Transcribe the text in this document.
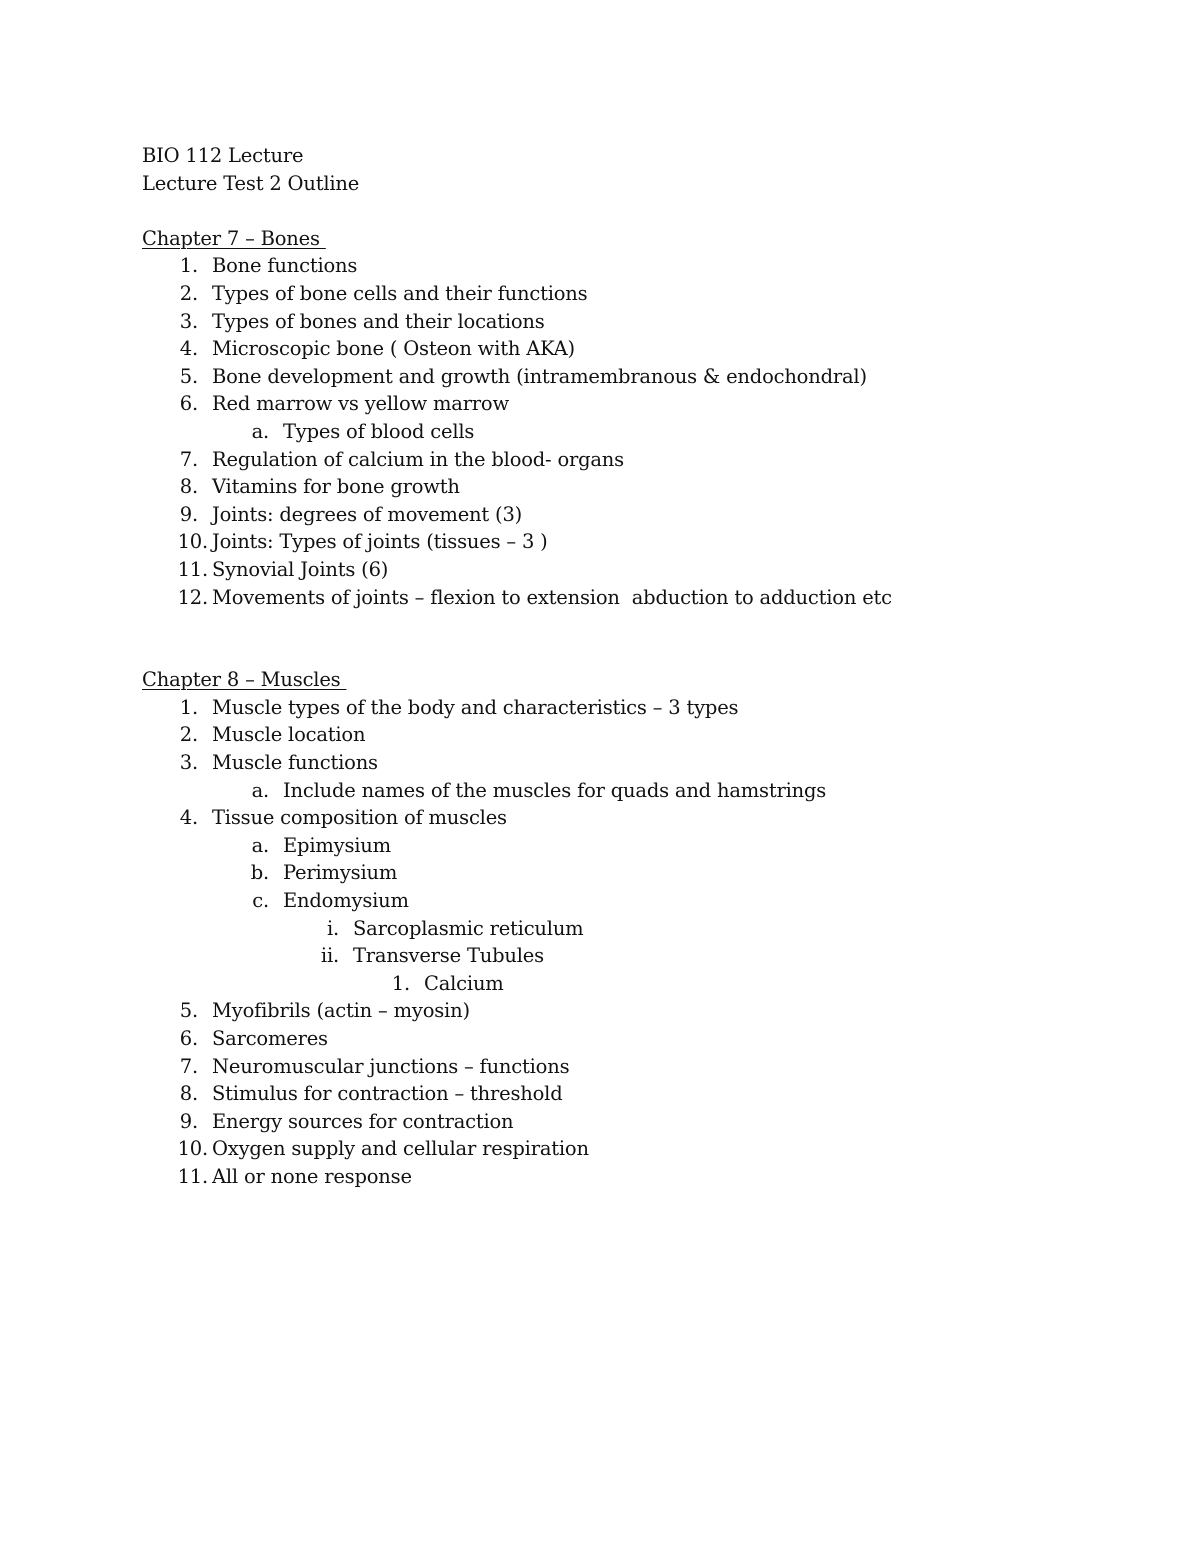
BIO 112 Lecture
Lecture Test 2 Outline
Chapter 7 – Bones
1. Bone functions
2. Types of bone cells and their functions
3. Types of bones and their locations
4. Microscopic bone ( Osteon with AKA)
5. Bone development and growth (intramembranous & endochondral)
6. Red marrow vs yellow marrow
a. Types of blood cells
7. Regulation of calcium in the blood- organs
8. Vitamins for bone growth
9. Joints: degrees of movement (3)
10. Joints: Types of joints (tissues – 3 )
11. Synovial Joints (6)
12. Movements of joints – flexion to extension  abduction to adduction etc
Chapter 8 – Muscles
1. Muscle types of the body and characteristics – 3 types
2. Muscle location
3. Muscle functions
a. Include names of the muscles for quads and hamstrings
4. Tissue composition of muscles
a. Epimysium
b. Perimysium
c. Endomysium
i. Sarcoplasmic reticulum
ii. Transverse Tubules
1. Calcium
5. Myofibrils (actin – myosin)
6. Sarcomeres
7. Neuromuscular junctions – functions
8. Stimulus for contraction – threshold
9. Energy sources for contraction
10. Oxygen supply and cellular respiration
11. All or none response
